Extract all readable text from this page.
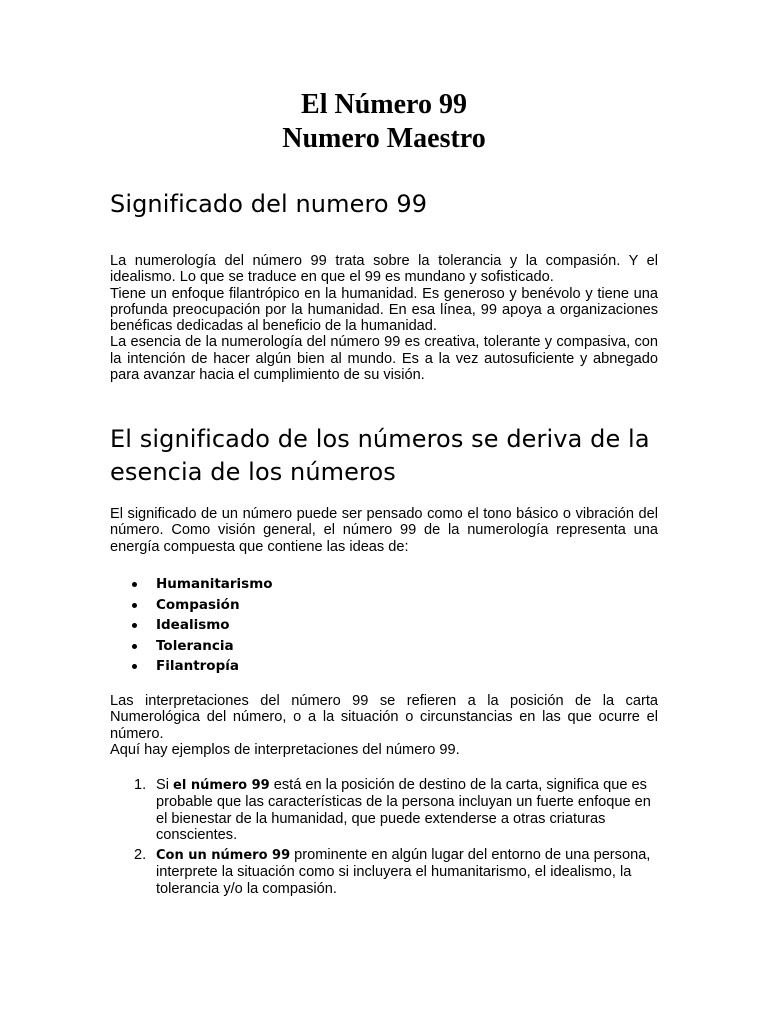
El Número 99
Numero Maestro
Significado del numero 99

La numerología del número 99 trata sobre la tolerancia y la compasión. Y el idealismo. Lo que se traduce en que el 99 es mundano y sofisticado.
Tiene un enfoque filantrópico en la humanidad. Es generoso y benévolo y tiene una profunda preocupación por la humanidad. En esa línea, 99 apoya a organizaciones benéficas dedicadas al beneficio de la humanidad.
La esencia de la numerología del número 99 es creativa, tolerante y compasiva, con la intención de hacer algún bien al mundo. Es a la vez autosuficiente y abnegado para avanzar hacia el cumplimiento de su visión.

El significado de los números se deriva de la esencia de los números

El significado de un número puede ser pensado como el tono básico o vibración del número. Como visión general, el número 99 de la numerología representa una energía compuesta que contiene las ideas de:

Humanitarismo
Compasión
Idealismo
Tolerancia
Filantropía

Las interpretaciones del número 99 se refieren a la posición de la carta Numerológica del número, o a la situación o circunstancias en las que ocurre el número.
Aquí hay ejemplos de interpretaciones del número 99.

1. Si el número 99 está en la posición de destino de la carta, significa que es probable que las características de la persona incluyan un fuerte enfoque en el bienestar de la humanidad, que puede extenderse a otras criaturas conscientes.
2. Con un número 99 prominente en algún lugar del entorno de una persona, interprete la situación como si incluyera el humanitarismo, el idealismo, la tolerancia y/o la compasión.
